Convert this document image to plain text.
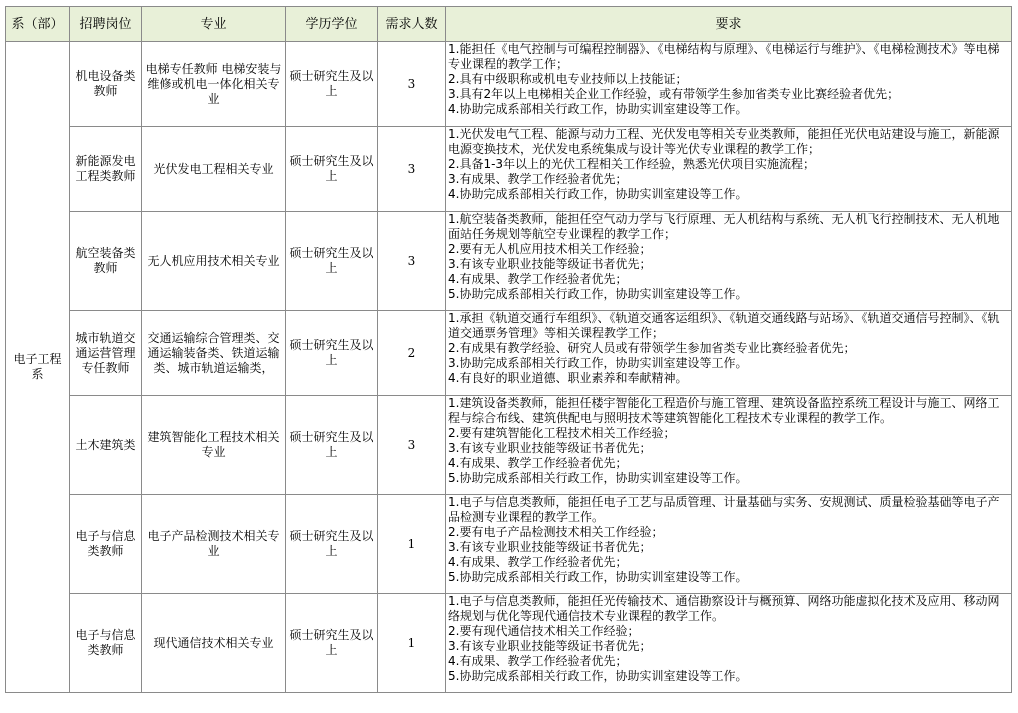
系（部）	招聘岗位	专业	学历学位	需求人数	要求
电子工程系	机电设备类教师	电梯专任教师 电梯安装与维修或机电一体化相关专业	硕士研究生及以上	3	1.能担任《电气控制与可编程控制器》、《电梯结构与原理》、《电梯运行与维护》、《电梯检测技术》等电梯专业课程的教学工作；
2.具有中级职称或机电专业技师以上技能证；
3.具有2年以上电梯相关企业工作经验，或有带领学生参加省类专业比赛经验者优先；
4.协助完成系部相关行政工作，协助实训室建设等工作。

	新能源发电工程类教师	光伏发电工程相关专业	硕士研究生及以上	3	1.光伏发电气工程、能源与动力工程、光伏发电等相关专业类教师，能担任光伏电站建设与施工，新能源电源变换技术，光伏发电系统集成与设计等光伏专业课程的教学工作；
2.具备1-3年以上的光伏工程相关工作经验，熟悉光伏项目实施流程；
3.有成果、教学工作经验者优先；
4.协助完成系部相关行政工作，协助实训室建设等工作。

	航空装备类教师	无人机应用技术相关专业	硕士研究生及以上	3	1.航空装备类教师，能担任空气动力学与飞行原理、无人机结构与系统、无人机飞行控制技术、无人机地面站任务规划等航空专业课程的教学工作；
2.要有无人机应用技术相关工作经验；
3.有该专业职业技能等级证书者优先；
4.有成果、教学工作经验者优先；
5.协助完成系部相关行政工作，协助实训室建设等工作。

	城市轨道交通运营管理专任教师	交通运输综合管理类、交通运输装备类、铁道运输类、城市轨道运输类，	硕士研究生及以上	2	1.承担《轨道交通行车组织》、《轨道交通客运组织》、《轨道交通线路与站场》、《轨道交通信号控制》、《轨道交通票务管理》等相关课程教学工作；
2.有成果有教学经验、研究人员或有带领学生参加省类专业比赛经验者优先；
3.协助完成系部相关行政工作，协助实训室建设等工作。
4.有良好的职业道德、职业素养和奉献精神。

	土木建筑类	建筑智能化工程技术相关专业	硕士研究生及以上	3	1.建筑设备类教师，能担任楼宇智能化工程造价与施工管理、建筑设备监控系统工程设计与施工、网络工程与综合布线、建筑供配电与照明技术等建筑智能化工程技术专业课程的教学工作。
2.要有建筑智能化工程技术相关工作经验；
3.有该专业职业技能等级证书者优先；
4.有成果、教学工作经验者优先；
5.协助完成系部相关行政工作，协助实训室建设等工作。

	电子与信息类教师	电子产品检测技术相关专业	硕士研究生及以上	1	1.电子与信息类教师，能担任电子工艺与品质管理、计量基础与实务、安规测试、质量检验基础等电子产品检测专业课程的教学工作。
2.要有电子产品检测技术相关工作经验；
3.有该专业职业技能等级证书者优先；
4.有成果、教学工作经验者优先；
5.协助完成系部相关行政工作，协助实训室建设等工作。

	电子与信息类教师	现代通信技术相关专业	硕士研究生及以上	1	1.电子与信息类教师，能担任光传输技术、通信勘察设计与概预算、网络功能虚拟化技术及应用、移动网络规划与优化等现代通信技术专业课程的教学工作。
2.要有现代通信技术相关工作经验；
3.有该专业职业技能等级证书者优先；
4.有成果、教学工作经验者优先；
5.协助完成系部相关行政工作，协助实训室建设等工作。
